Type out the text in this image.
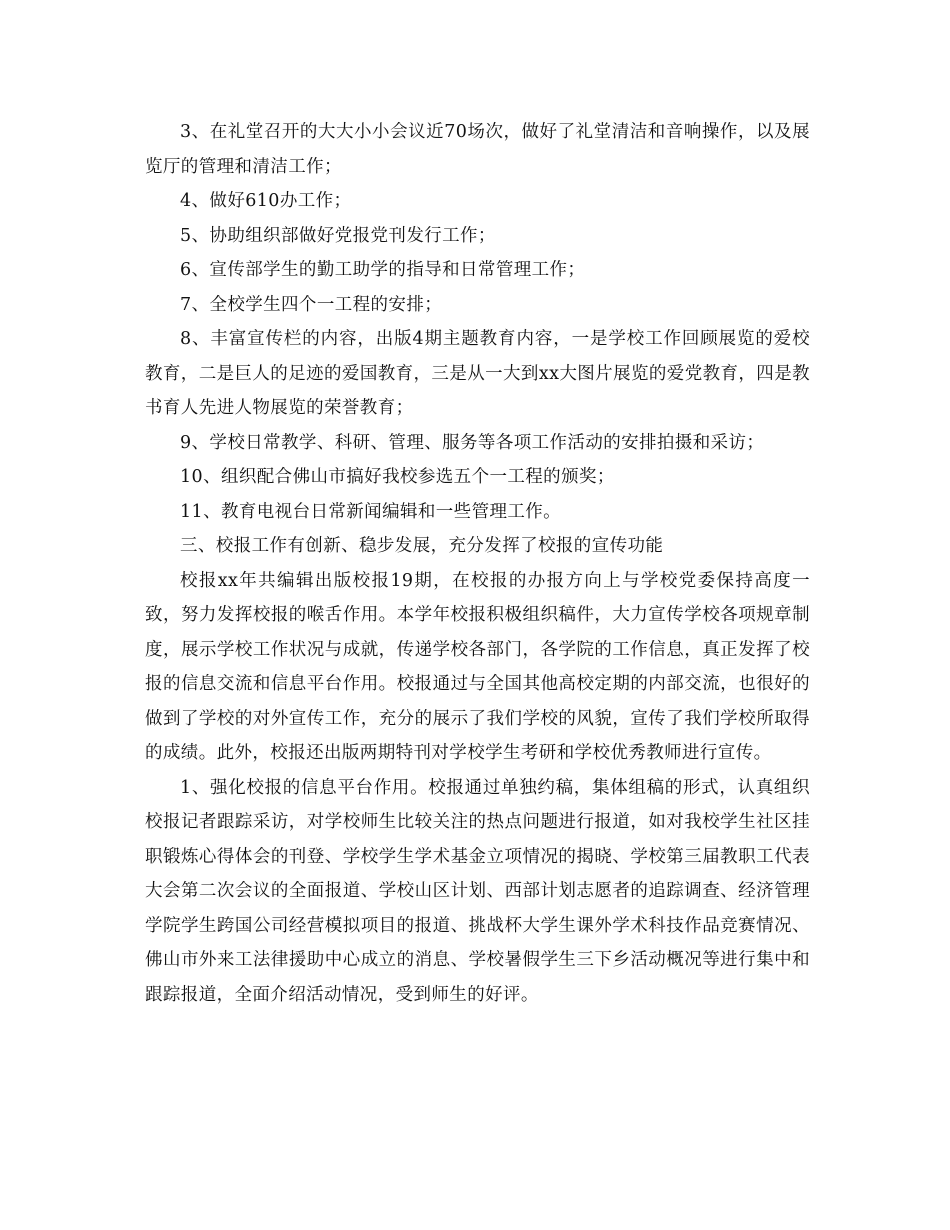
3、在礼堂召开的大大小小会议近70场次，做好了礼堂清洁和音响操作，以及展览厅的管理和清洁工作；

4、做好610办工作；

5、协助组织部做好党报党刊发行工作；

6、宣传部学生的勤工助学的指导和日常管理工作；

7、全校学生四个一工程的安排；

8、丰富宣传栏的内容，出版4期主题教育内容，一是学校工作回顾展览的爱校教育，二是巨人的足迹的爱国教育，三是从一大到xx大图片展览的爱党教育，四是教书育人先进人物展览的荣誉教育；

9、学校日常教学、科研、管理、服务等各项工作活动的安排拍摄和采访；

10、组织配合佛山市搞好我校参选五个一工程的颁奖；

11、教育电视台日常新闻编辑和一些管理工作。

三、校报工作有创新、稳步发展，充分发挥了校报的宣传功能

校报xx年共编辑出版校报19期，在校报的办报方向上与学校党委保持高度一致，努力发挥校报的喉舌作用。本学年校报积极组织稿件，大力宣传学校各项规章制度，展示学校工作状况与成就，传递学校各部门，各学院的工作信息，真正发挥了校报的信息交流和信息平台作用。校报通过与全国其他高校定期的内部交流，也很好的做到了学校的对外宣传工作，充分的展示了我们学校的风貌，宣传了我们学校所取得的成绩。此外，校报还出版两期特刊对学校学生考研和学校优秀教师进行宣传。

1、强化校报的信息平台作用。校报通过单独约稿，集体组稿的形式，认真组织校报记者跟踪采访，对学校师生比较关注的热点问题进行报道，如对我校学生社区挂职锻炼心得体会的刊登、学校学生学术基金立项情况的揭晓、学校第三届教职工代表大会第二次会议的全面报道、学校山区计划、西部计划志愿者的追踪调查、经济管理学院学生跨国公司经营模拟项目的报道、挑战杯大学生课外学术科技作品竞赛情况、佛山市外来工法律援助中心成立的消息、学校暑假学生三下乡活动概况等进行集中和跟踪报道，全面介绍活动情况，受到师生的好评。
